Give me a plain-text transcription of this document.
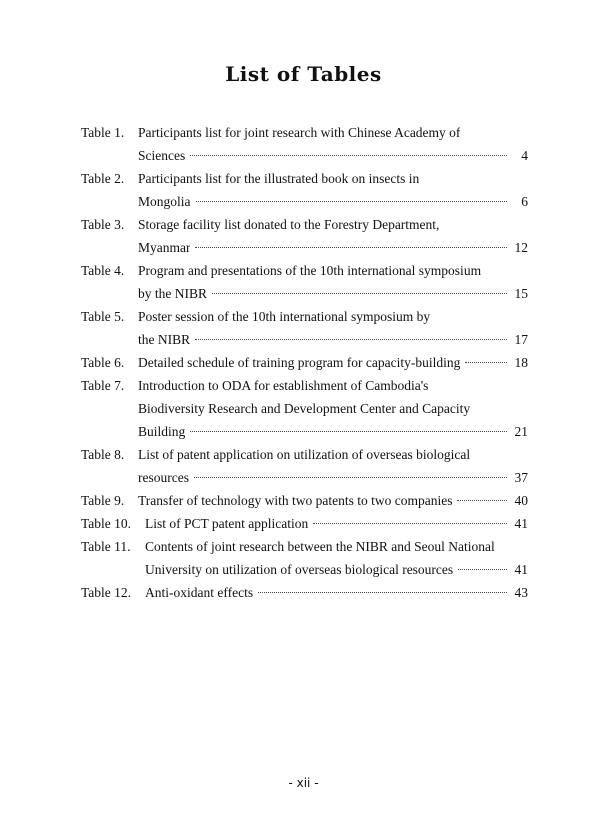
List of Tables
Table 1.	Participants list for joint research with Chinese Academy of
Sciences	4
Table 2.	Participants list for the illustrated book on insects in
Mongolia	6
Table 3.	Storage facility list donated to the Forestry Department,
Myanmar	12
Table 4.	Program and presentations of the 10th international symposium
by the NIBR	15
Table 5.	Poster session of the 10th international symposium by
the NIBR	17
Table 6.	Detailed schedule of training program for capacity-building	18
Table 7.	Introduction to ODA for establishment of Cambodia's
Biodiversity Research and Development Center and Capacity
Building	21
Table 8.	List of patent application on utilization of overseas biological
resources	37
Table 9.	Transfer of technology with two patents to two companies	40
Table 10.	List of PCT patent application	41
Table 11.	Contents of joint research between the NIBR and Seoul National
University on utilization of overseas biological resources	41
Table 12.	Anti-oxidant effects	43
- xii -
